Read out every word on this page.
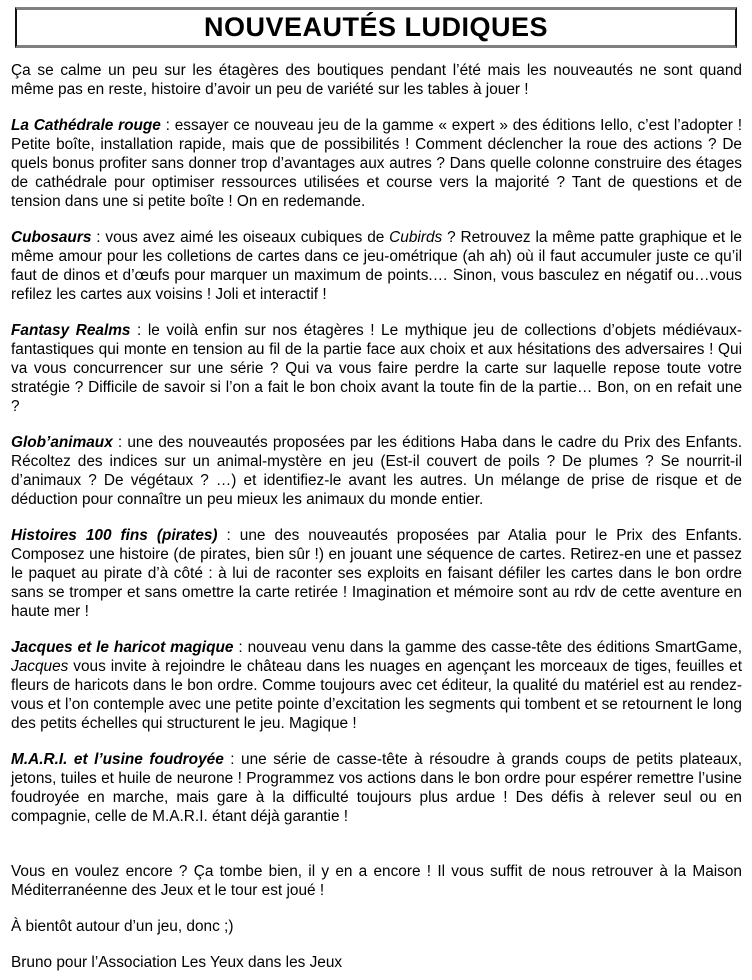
NOUVEAUTÉS LUDIQUES

Ça se calme un peu sur les étagères des boutiques pendant l’été mais les nouveautés ne sont quand même pas en reste, histoire d’avoir un peu de variété sur les tables à jouer !

La Cathédrale rouge : essayer ce nouveau jeu de la gamme « expert » des éditions Iello, c’est l’adopter ! Petite boîte, installation rapide, mais que de possibilités ! Comment déclencher la roue des actions ? De quels bonus profiter sans donner trop d’avantages aux autres ? Dans quelle colonne construire des étages de cathédrale pour optimiser ressources utilisées et course vers la majorité ? Tant de questions et de tension dans une si petite boîte ! On en redemande.

Cubosaurs : vous avez aimé les oiseaux cubiques de Cubirds ? Retrouvez la même patte graphique et le même amour pour les colletions de cartes dans ce jeu-ométrique (ah ah) où il faut accumuler juste ce qu’il faut de dinos et d’œufs pour marquer un maximum de points.… Sinon, vous basculez en négatif ou…vous refilez les cartes aux voisins ! Joli et interactif !

Fantasy Realms : le voilà enfin sur nos étagères ! Le mythique jeu de collections d’objets médiévaux-fantastiques qui monte en tension au fil de la partie face aux choix et aux hésitations des adversaires ! Qui va vous concurrencer sur une série ? Qui va vous faire perdre la carte sur laquelle repose toute votre stratégie ? Difficile de savoir si l’on a fait le bon choix avant la toute fin de la partie… Bon, on en refait une ?

Glob’animaux : une des nouveautés proposées par les éditions Haba dans le cadre du Prix des Enfants. Récoltez des indices sur un animal-mystère en jeu (Est-il couvert de poils ? De plumes ? Se nourrit-il d’animaux ? De végétaux ? …) et identifiez-le avant les autres. Un mélange de prise de risque et de déduction pour connaître un peu mieux les animaux du monde entier.

Histoires 100 fins (pirates) : une des nouveautés proposées par Atalia pour le Prix des Enfants. Composez une histoire (de pirates, bien sûr !) en jouant une séquence de cartes. Retirez-en une et passez le paquet au pirate d’à côté : à lui de raconter ses exploits en faisant défiler les cartes dans le bon ordre sans se tromper et sans omettre la carte retirée ! Imagination et mémoire sont au rdv de cette aventure en haute mer !

Jacques et le haricot magique : nouveau venu dans la gamme des casse-tête des éditions SmartGame, Jacques vous invite à rejoindre le château dans les nuages en agençant les morceaux de tiges, feuilles et fleurs de haricots dans le bon ordre. Comme toujours avec cet éditeur, la qualité du matériel est au rendez-vous et l’on contemple avec une petite pointe d’excitation les segments qui tombent et se retournent le long des petits échelles qui structurent le jeu. Magique !

M.A.R.I. et l’usine foudroyée : une série de casse-tête à résoudre à grands coups de petits plateaux, jetons, tuiles et huile de neurone ! Programmez vos actions dans le bon ordre pour espérer remettre l’usine foudroyée en marche, mais gare à la difficulté toujours plus ardue ! Des défis à relever seul ou en compagnie, celle de M.A.R.I. étant déjà garantie !

Vous en voulez encore ? Ça tombe bien, il y en a encore ! Il vous suffit de nous retrouver à la Maison Méditerranéenne des Jeux et le tour est joué !

À bientôt autour d’un jeu, donc ;)

Bruno pour l’Association Les Yeux dans les Jeux
